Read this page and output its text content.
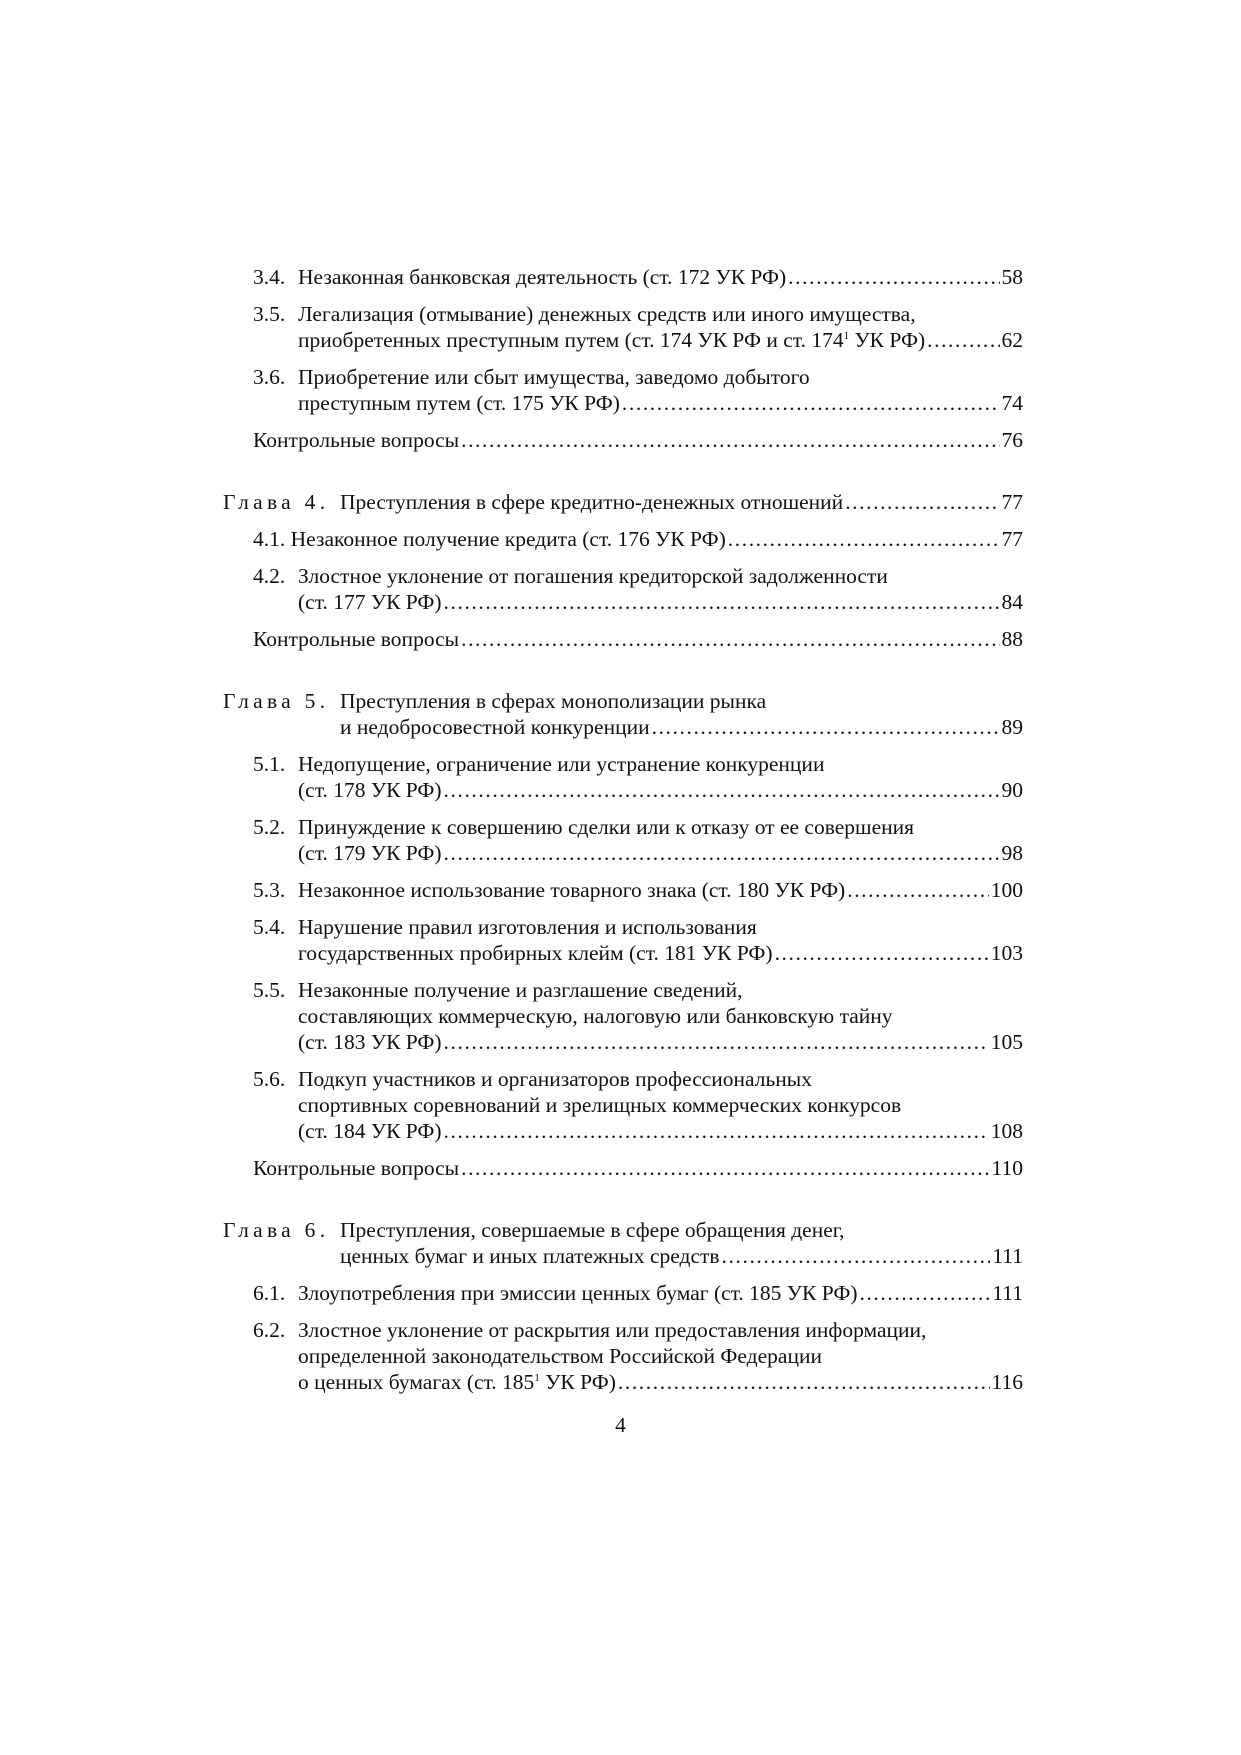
3.4. Незаконная банковская деятельность (ст. 172 УК РФ) .....	58
3.5. Легализация (отмывание) денежных средств или иного имущества,
приобретенных преступным путем (ст. 174 УК РФ и ст. $174^1$ УК РФ) .....	62
3.6. Приобретение или сбыт имущества, заведомо добытого
преступным путем (ст. 175 УК РФ) .....	74
Контрольные вопросы .....	76
Глава 4. Преступления в сфере кредитно-денежных отношений .....	77
4.1. Незаконное получение кредита (ст. 176 УК РФ) .....	77
4.2. Злостное уклонение от погашения кредиторской задолженности
(ст. 177 УК РФ) .....	84
Контрольные вопросы .....	88
Глава 5. Преступления в сферах монополизации рынка
и недобросовестной конкуренции .....	89
5.1. Недопущение, ограничение или устранение конкуренции
(ст. 178 УК РФ) .....	90
5.2. Принуждение к совершению сделки или к отказу от ее совершения
(ст. 179 УК РФ) .....	98
5.3. Незаконное использование товарного знака (ст. 180 УК РФ) .....	100
5.4. Нарушение правил изготовления и использования
государственных пробирных клейм (ст. 181 УК РФ) .....	103
5.5. Незаконные получение и разглашение сведений,
составляющих коммерческую, налоговую или банковскую тайну
(ст. 183 УК РФ) .....	105
5.6. Подкуп участников и организаторов профессиональных
спортивных соревнований и зрелищных коммерческих конкурсов
(ст. 184 УК РФ) .....	108
Контрольные вопросы .....	110
Глава 6. Преступления, совершаемые в сфере обращения денег,
ценных бумаг и иных платежных средств .....	111
6.1. Злоупотребления при эмиссии ценных бумаг (ст. 185 УК РФ) .....	111
6.2. Злостное уклонение от раскрытия или предоставления информации,
определенной законодательством Российской Федерации
о ценных бумагах (ст. $185^1$ УК РФ) .....	116
4
